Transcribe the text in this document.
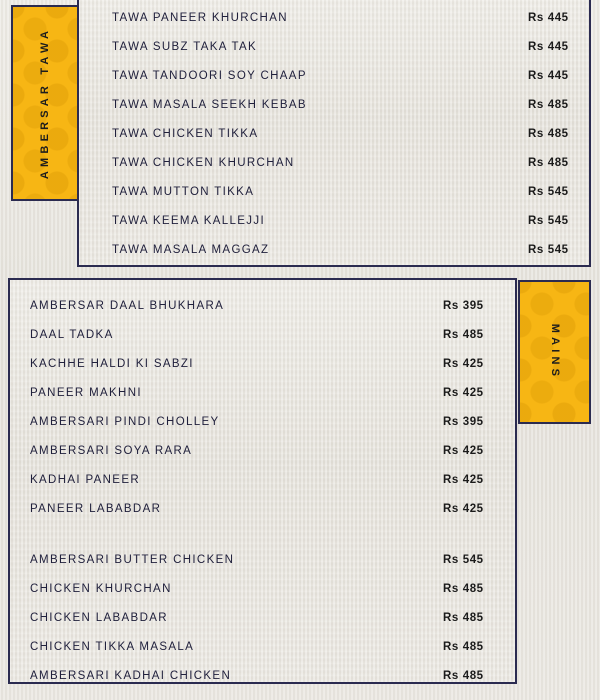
TAWA PANEER KHURCHAN	Rs 445
TAWA SUBZ TAKA TAK	Rs 445
TAWA TANDOORI SOY CHAAP	Rs 445
TAWA MASALA SEEKH KEBAB	Rs 485
TAWA CHICKEN TIKKA	Rs 485
TAWA CHICKEN KHURCHAN	Rs 485
TAWA MUTTON TIKKA	Rs 545
TAWA KEEMA KALLEJJI	Rs 545
TAWA MASALA MAGGAZ	Rs 545
AMBERSAR TAWA
AMBERSAR DAAL BHUKHARA	Rs 395
DAAL TADKA	Rs 485
KACHHE HALDI KI SABZI	Rs 425
PANEER MAKHNI	Rs 425
AMBERSARI PINDI CHOLLEY	Rs 395
AMBERSARI SOYA RARA	Rs 425
KADHAI PANEER	Rs 425
PANEER LABABDAR	Rs 425
AMBERSARI BUTTER CHICKEN	Rs 545
CHICKEN KHURCHAN	Rs 485
CHICKEN LABABDAR	Rs 485
CHICKEN TIKKA MASALA	Rs 485
AMBERSARI KADHAI CHICKEN	Rs 485
MAINS
